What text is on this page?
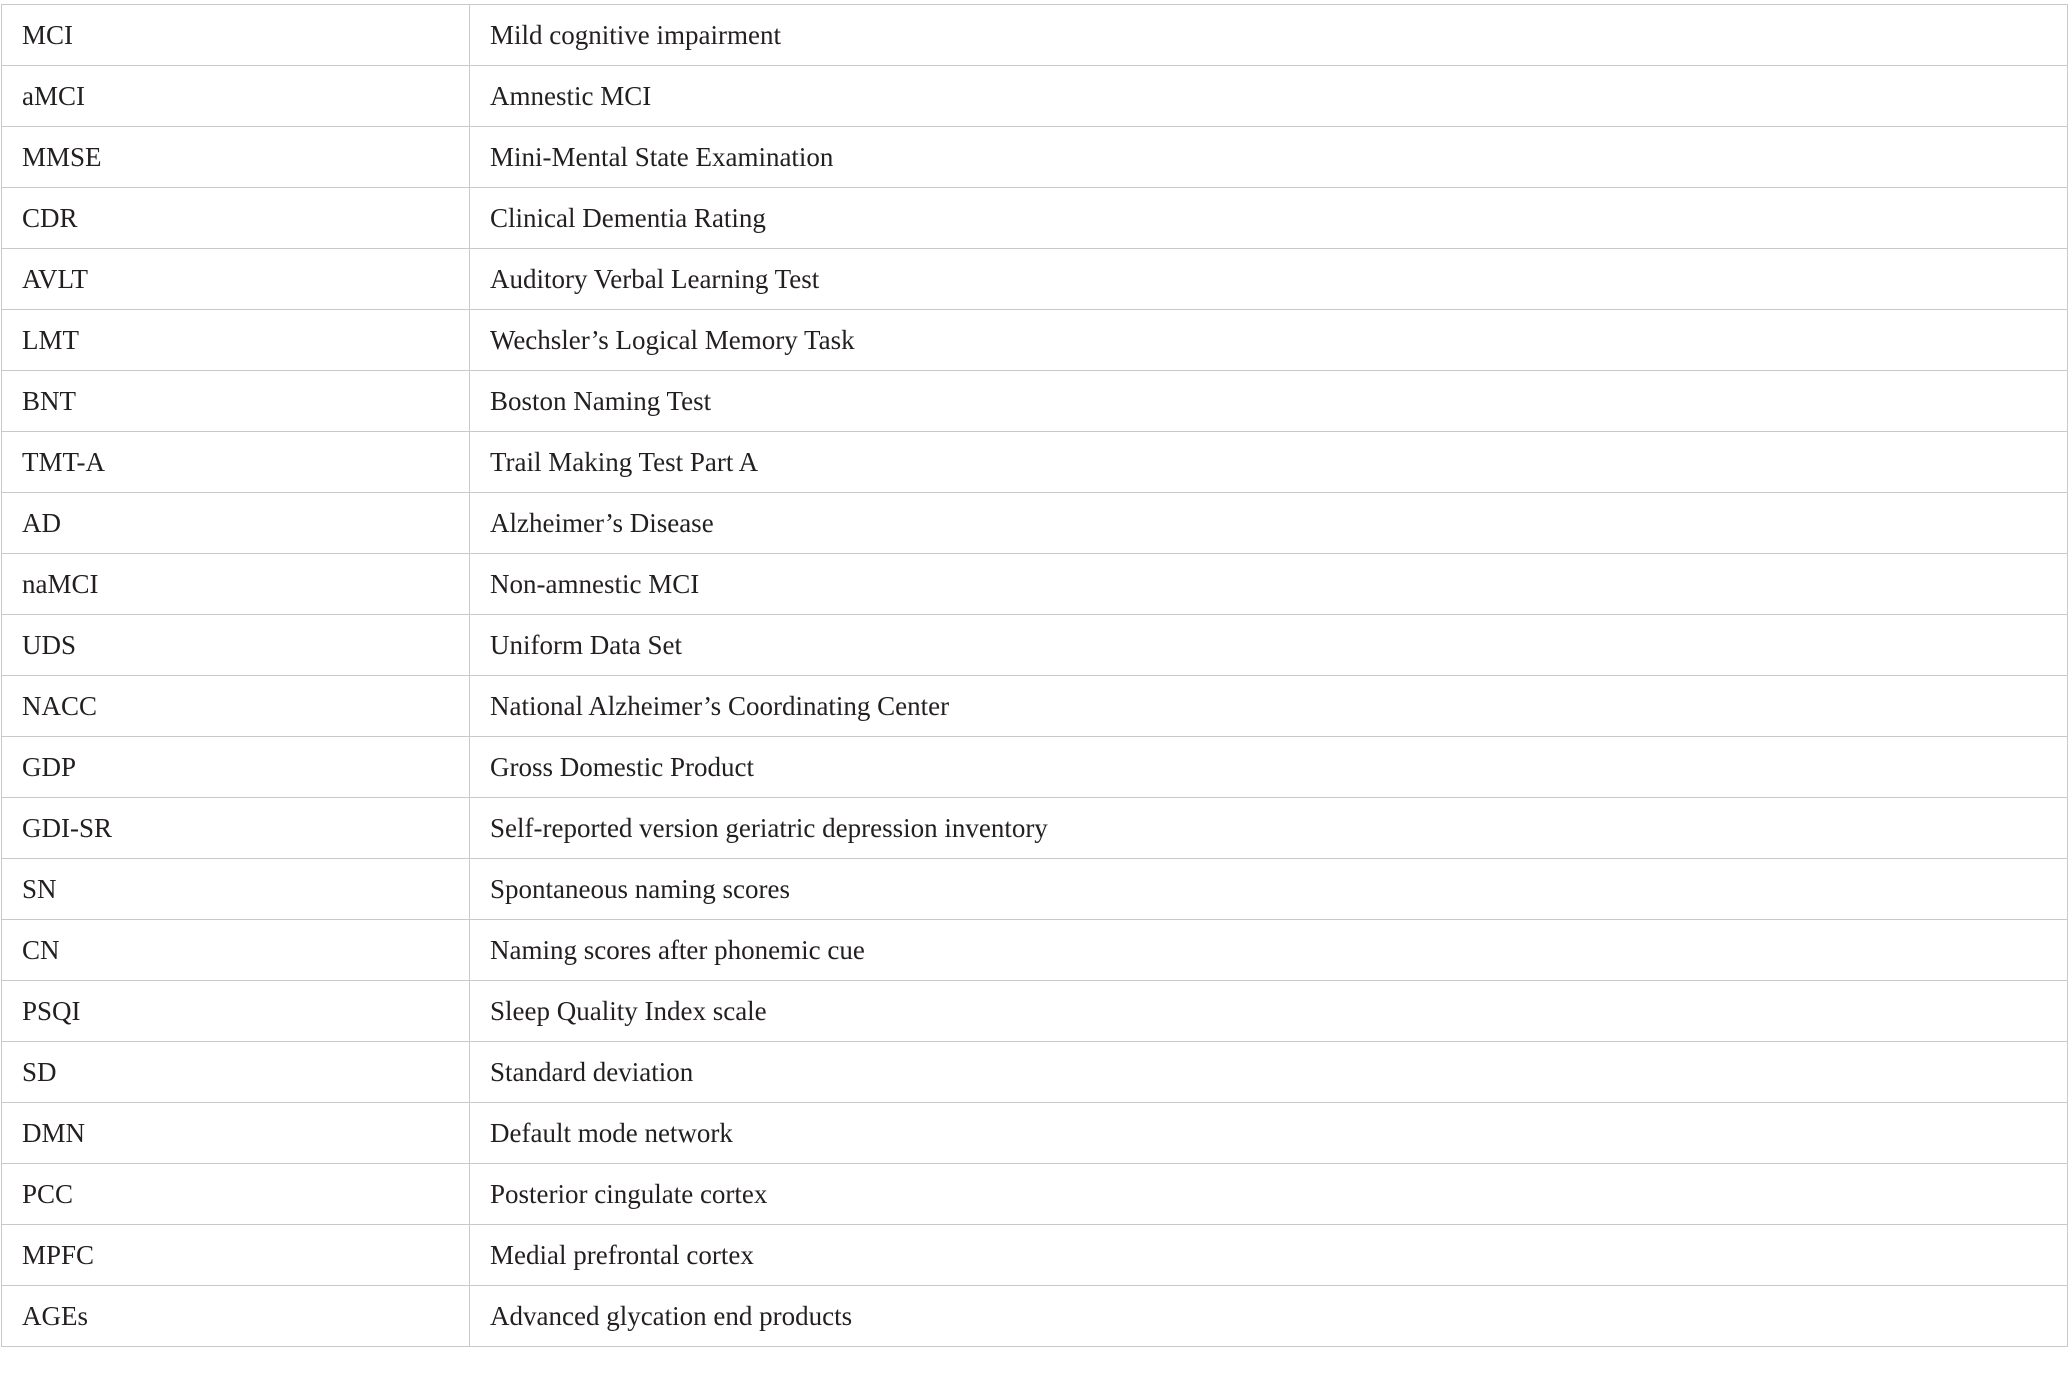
MCI	Mild cognitive impairment
aMCI	Amnestic MCI
MMSE	Mini-Mental State Examination
CDR	Clinical Dementia Rating
AVLT	Auditory Verbal Learning Test
LMT	Wechsler’s Logical Memory Task
BNT	Boston Naming Test
TMT-A	Trail Making Test Part A
AD	Alzheimer’s Disease
naMCI	Non-amnestic MCI
UDS	Uniform Data Set
NACC	National Alzheimer’s Coordinating Center
GDP	Gross Domestic Product
GDI-SR	Self-reported version geriatric depression inventory
SN	Spontaneous naming scores
CN	Naming scores after phonemic cue
PSQI	Sleep Quality Index scale
SD	Standard deviation
DMN	Default mode network
PCC	Posterior cingulate cortex
MPFC	Medial prefrontal cortex
AGEs	Advanced glycation end products
